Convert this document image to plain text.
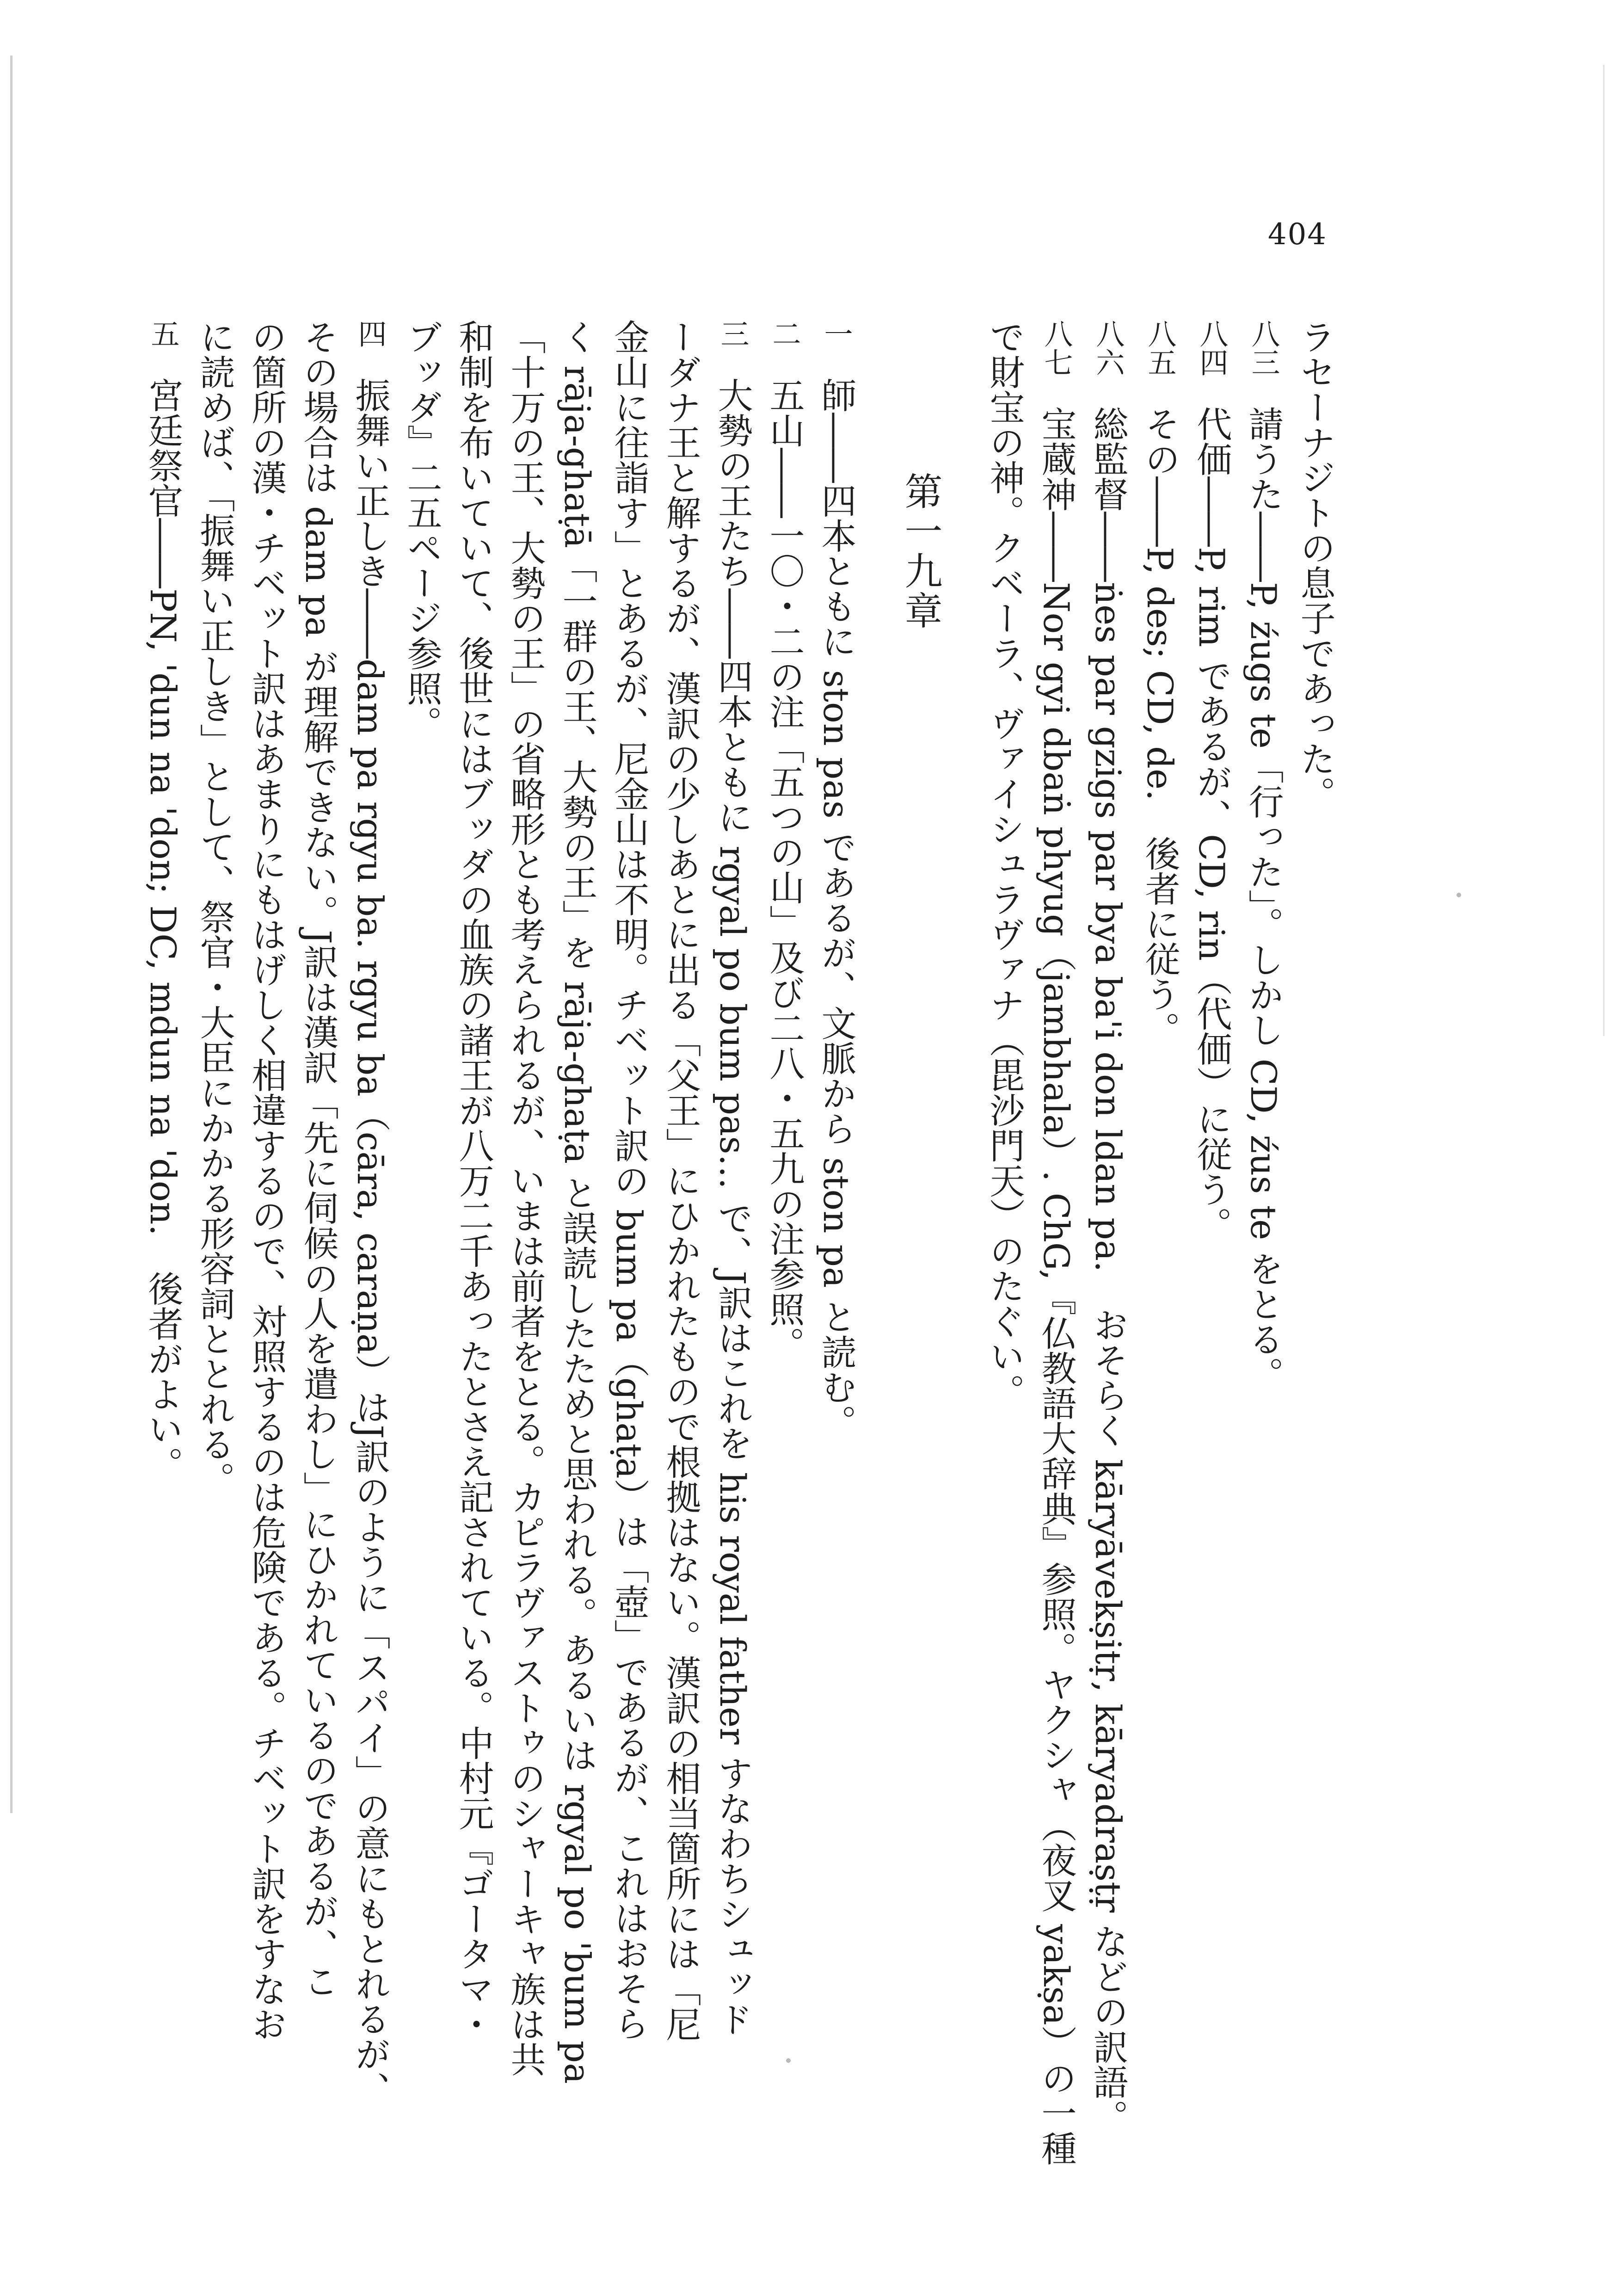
404
ラセーナジトの息子であった。
八三 請うた――P, źugs te「行った」。しかし CD, źus te をとる。
八四 代価――P, rim であるが、CD, rin（代価）に従う。
八五 その――P, des; CD, de.　後者に従う。
八六 総監督――ṅes par gzigs par bya ba'i don ldan pa.　おそらく kāryāvekṣitṛ, kāryadraṣṭṛ などの訳語。
八七 宝蔵神――Nor gyi dbaṅ phyug（jambhala）. ChG,『仏教語大辞典』参照。ヤクシャ（夜叉 yakṣa）の一種
で財宝の神。クベーラ、ヴァイシュラヴァナ（毘沙門天）のたぐい。
第一九章
一 師――四本ともに ston pas であるが、文脈から ston pa と読む。
二 五山――一〇・二の注「五つの山」及び二八・五九の注参照。
三 大勢の王たち――四本ともに rgyal po bum pas… で、J訳はこれを his royal father すなわちシュッド
ーダナ王と解するが、漢訳の少しあとに出る「父王」にひかれたもので根拠はない。漢訳の相当箇所には「尼
金山に往詣す」とあるが、尼金山は不明。チベット訳の bum pa（ghaṭa）は「壺」であるが、これはおそら
く rāja-ghaṭā「一群の王、大勢の王」を rāja-ghaṭa と誤読したためと思われる。あるいは rgyal po 'bum pa
「十万の王、大勢の王」の省略形とも考えられるが、いまは前者をとる。カピラヴァストゥのシャーキャ族は共
和制を布いていて、後世にはブッダの血族の諸王が八万二千あったとさえ記されている。中村元『ゴータマ・
ブッダ』二五ページ参照。
四 振舞い正しき――dam pa rgyu ba. rgyu ba（cāra, caraṇa）はJ訳のように「スパイ」の意にもとれるが、
その場合は dam pa が理解できない。J訳は漢訳「先に伺候の人を遣わし」にひかれているのであるが、こ
の箇所の漢・チベット訳はあまりにもはげしく相違するので、対照するのは危険である。チベット訳をすなお
に読めば、「振舞い正しき」として、祭官・大臣にかかる形容詞ととれる。
五 宮廷祭官――PN, 'dun na 'don; DC, mdun na 'don.　後者がよい。
